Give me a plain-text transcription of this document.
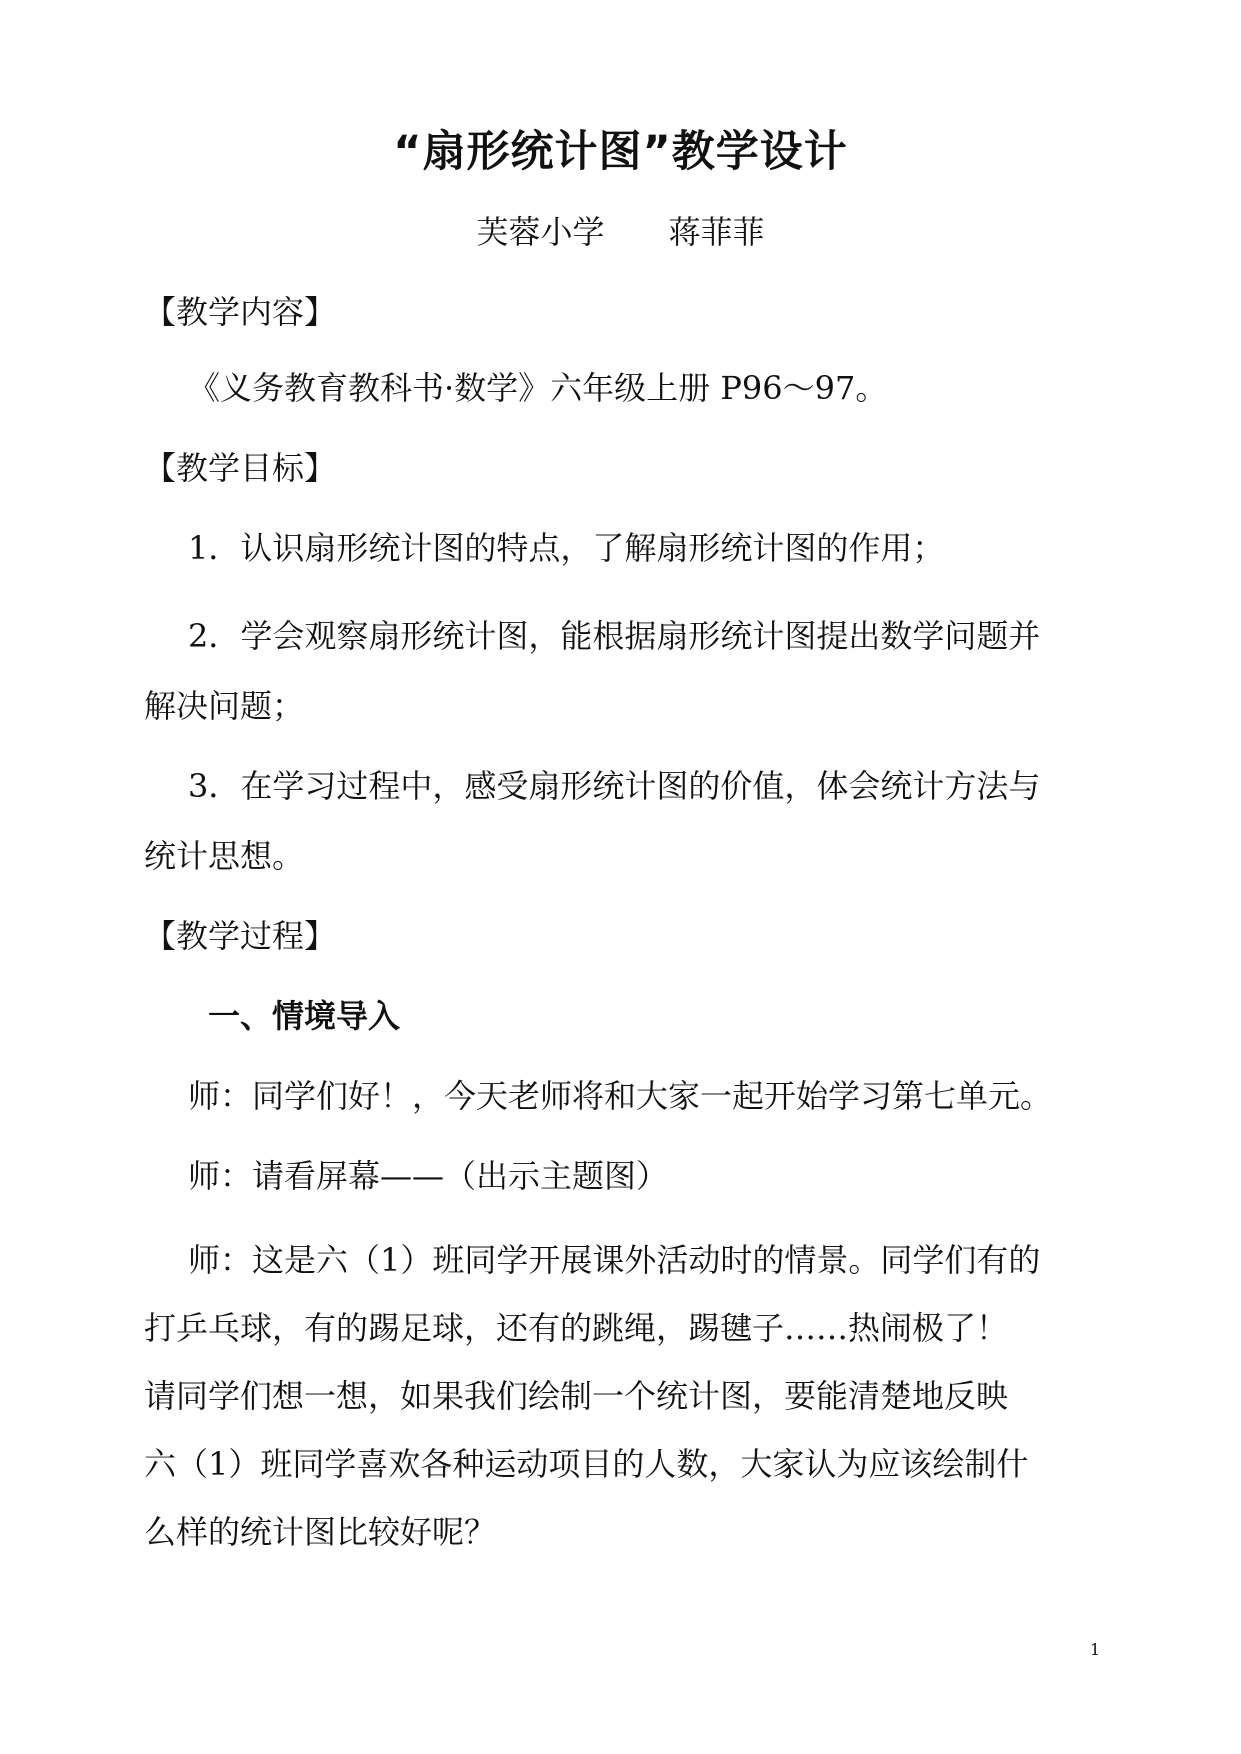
“扇形统计图”教学设计
芙蓉小学 蒋菲菲
【教学内容】
《义务教育教科书·数学》六年级上册 P96～97。
【教学目标】
1．认识扇形统计图的特点，了解扇形统计图的作用；
2．学会观察扇形统计图，能根据扇形统计图提出数学问题并
解决问题；
3．在学习过程中，感受扇形统计图的价值，体会统计方法与
统计思想。
【教学过程】
一、情境导入
师：同学们好！，今天老师将和大家一起开始学习第七单元。
师：请看屏幕——（出示主题图）
师：这是六（1）班同学开展课外活动时的情景。同学们有的
打乒乓球，有的踢足球，还有的跳绳，踢毽子……热闹极了！
请同学们想一想，如果我们绘制一个统计图，要能清楚地反映
六（1）班同学喜欢各种运动项目的人数，大家认为应该绘制什
么样的统计图比较好呢？
1
